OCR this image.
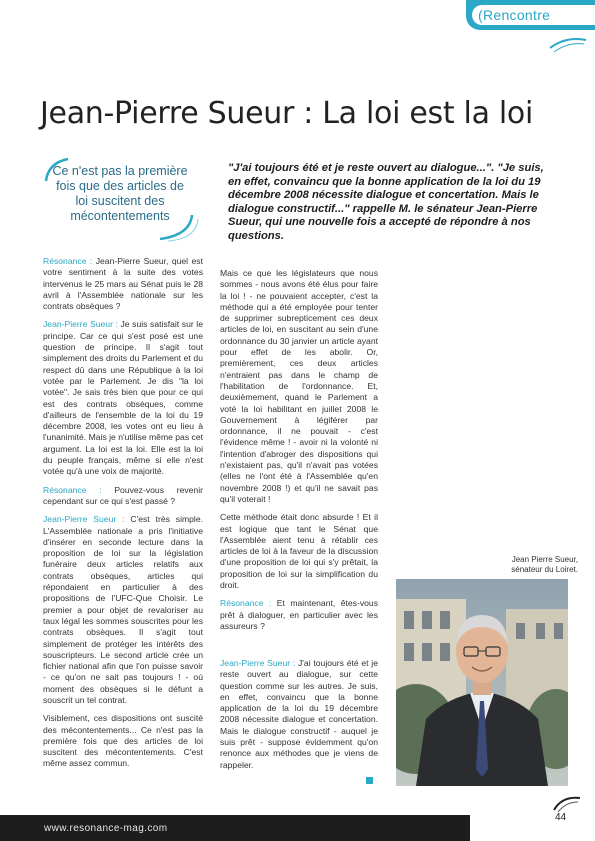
(Rencontre
Jean-Pierre Sueur : La loi est la loi
Ce n'est pas la première fois que des articles de loi suscitent des mécontentements
"J'ai toujours été et je reste ouvert au dialogue...". "Je suis, en effet, convaincu que la bonne application de la loi du 19 décembre 2008 nécessite dialogue et concertation. Mais le dialogue constructif..." rappelle M. le sénateur Jean-Pierre Sueur, qui une nouvelle fois a accepté de répondre à nos questions.

Résonance : Jean-Pierre Sueur, quel est votre sentiment à la suite des votes intervenus le 25 mars au Sénat puis le 28 avril à l'Assemblée nationale sur les contrats obsèques ?

Jean-Pierre Sueur : Je suis satisfait sur le principe. Car ce qui s'est posé est une question de principe. Il s'agit tout simplement des droits du Parlement et du respect dû dans une République à la loi votée par le Parlement. Je dis "la loi votée". Je sais très bien que pour ce qui est des contrats obsèques, comme d'ailleurs de l'ensemble de la loi du 19 décembre 2008, les votes ont eu lieu à l'unanimité. Mais je n'utilise même pas cet argument. La loi est la loi. Elle est la loi du peuple français, même si elle n'est votée qu'à une voix de majorité.

Résonance : Pouvez-vous revenir cependant sur ce qui s'est passé ?

Jean-Pierre Sueur : C'est très simple. L'Assemblée nationale a pris l'initiative d'insérer en seconde lecture dans la proposition de loi sur la législation funéraire deux articles relatifs aux contrats obsèques, articles qui répondaient en particulier à des propositions de l'UFC-Que Choisir. Le premier a pour objet de revaloriser au taux légal les sommes souscrites pour les contrats obsèques. Il s'agit tout simplement de protéger les intérêts des souscripteurs. Le second article crée un fichier national afin que l'on puisse savoir - ce qu'on ne sait pas toujours ! - où moment des obsèques si le défunt a souscrit un tel contrat.

Visiblement, ces dispositions ont suscité des mécontentements... Ce n'est pas la première fois que des articles de loi suscitent des mécontentements. C'est même assez commun.

Mais ce que les législateurs que nous sommes - nous avons été élus pour faire la loi ! - ne pouvaient accepter, c'est la méthode qui a été employée pour tenter de supprimer subrepticement ces deux articles de loi, en suscitant au sein d'une ordonnance du 30 janvier un article ayant pour effet de les abolir. Or, premièrement, ces deux articles n'entraient pas dans le champ de l'habilitation de l'ordonnance. Et, deuxièmement, quand le Parlement a voté la loi habilitant en juillet 2008 le Gouvernement à légiférer par ordonnance, il ne pouvait - c'est l'évidence même ! - avoir ni la volonté ni l'intention d'abroger des dispositions qui n'existaient pas, qu'il n'avait pas votées (elles ne l'ont été à l'Assemblée qu'en novembre 2008 !) et qu'il ne savait pas qu'il voterait !

Cette méthode était donc absurde ! Et il est logique que tant le Sénat que l'Assemblée aient tenu à rétablir ces articles de loi à la faveur de la discussion d'une proposition de loi qui s'y prêtait, la proposition de loi sur la simplification du droit.

Résonance : Et maintenant, êtes-vous prêt à dialoguer, en particulier avec les assureurs ?

Jean-Pierre Sueur : J'ai toujours été et je reste ouvert au dialogue, sur cette question comme sur les autres. Je suis, en effet, convaincu que la bonne application de la loi du 19 décembre 2008 nécessite dialogue et concertation. Mais le dialogue constructif - auquel je suis prêt - suppose évidemment qu'on renonce aux méthodes que je viens de rappeler.

Jean Pierre Sueur,
sénateur du Loiret.
www.resonance-mag.com
44
